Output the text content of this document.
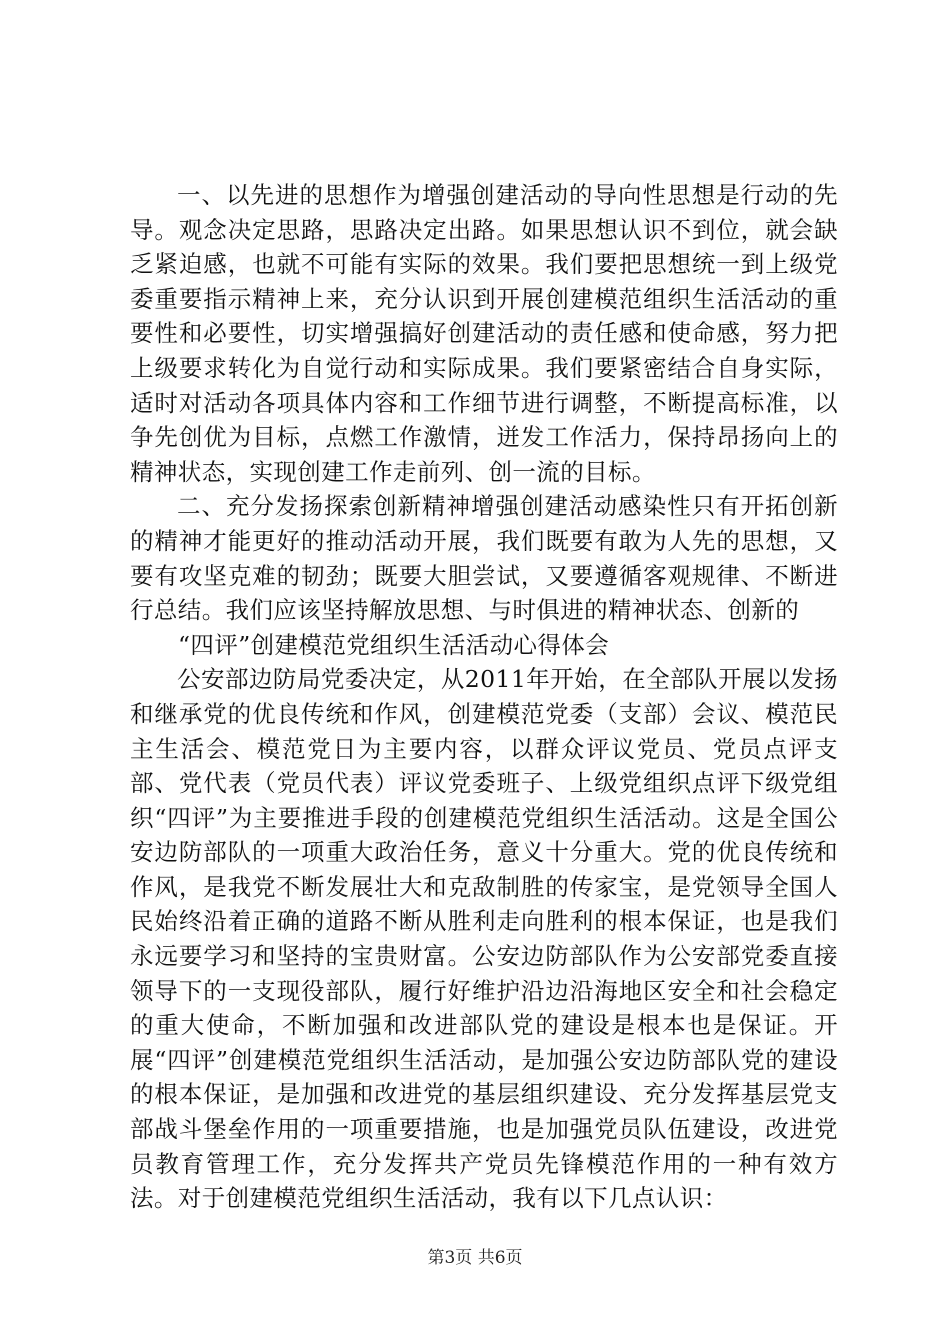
一、以先进的思想作为增强创建活动的导向性思想是行动的先导。观念决定思路，思路决定出路。如果思想认识不到位，就会缺乏紧迫感，也就不可能有实际的效果。我们要把思想统一到上级党委重要指示精神上来，充分认识到开展创建模范组织生活活动的重要性和必要性，切实增强搞好创建活动的责任感和使命感，努力把上级要求转化为自觉行动和实际成果。我们要紧密结合自身实际，适时对活动各项具体内容和工作细节进行调整，不断提高标准，以争先创优为目标，点燃工作激情，迸发工作活力，保持昂扬向上的精神状态，实现创建工作走前列、创一流的目标。

二、充分发扬探索创新精神增强创建活动感染性只有开拓创新的精神才能更好的推动活动开展，我们既要有敢为人先的思想，又要有攻坚克难的韧劲；既要大胆尝试，又要遵循客观规律、不断进行总结。我们应该坚持解放思想、与时俱进的精神状态、创新的

“四评”创建模范党组织生活活动心得体会

公安部边防局党委决定，从2011年开始，在全部队开展以发扬和继承党的优良传统和作风，创建模范党委（支部）会议、模范民主生活会、模范党日为主要内容，以群众评议党员、党员点评支部、党代表（党员代表）评议党委班子、上级党组织点评下级党组织“四评”为主要推进手段的创建模范党组织生活活动。这是全国公安边防部队的一项重大政治任务，意义十分重大。党的优良传统和作风，是我党不断发展壮大和克敌制胜的传家宝，是党领导全国人民始终沿着正确的道路不断从胜利走向胜利的根本保证，也是我们永远要学习和坚持的宝贵财富。公安边防部队作为公安部党委直接领导下的一支现役部队，履行好维护沿边沿海地区安全和社会稳定的重大使命，不断加强和改进部队党的建设是根本也是保证。开展“四评”创建模范党组织生活活动，是加强公安边防部队党的建设的根本保证，是加强和改进党的基层组织建设、充分发挥基层党支部战斗堡垒作用的一项重要措施，也是加强党员队伍建设，改进党员教育管理工作，充分发挥共产党员先锋模范作用的一种有效方法。对于创建模范党组织生活活动，我有以下几点认识：

第3页 共6页
